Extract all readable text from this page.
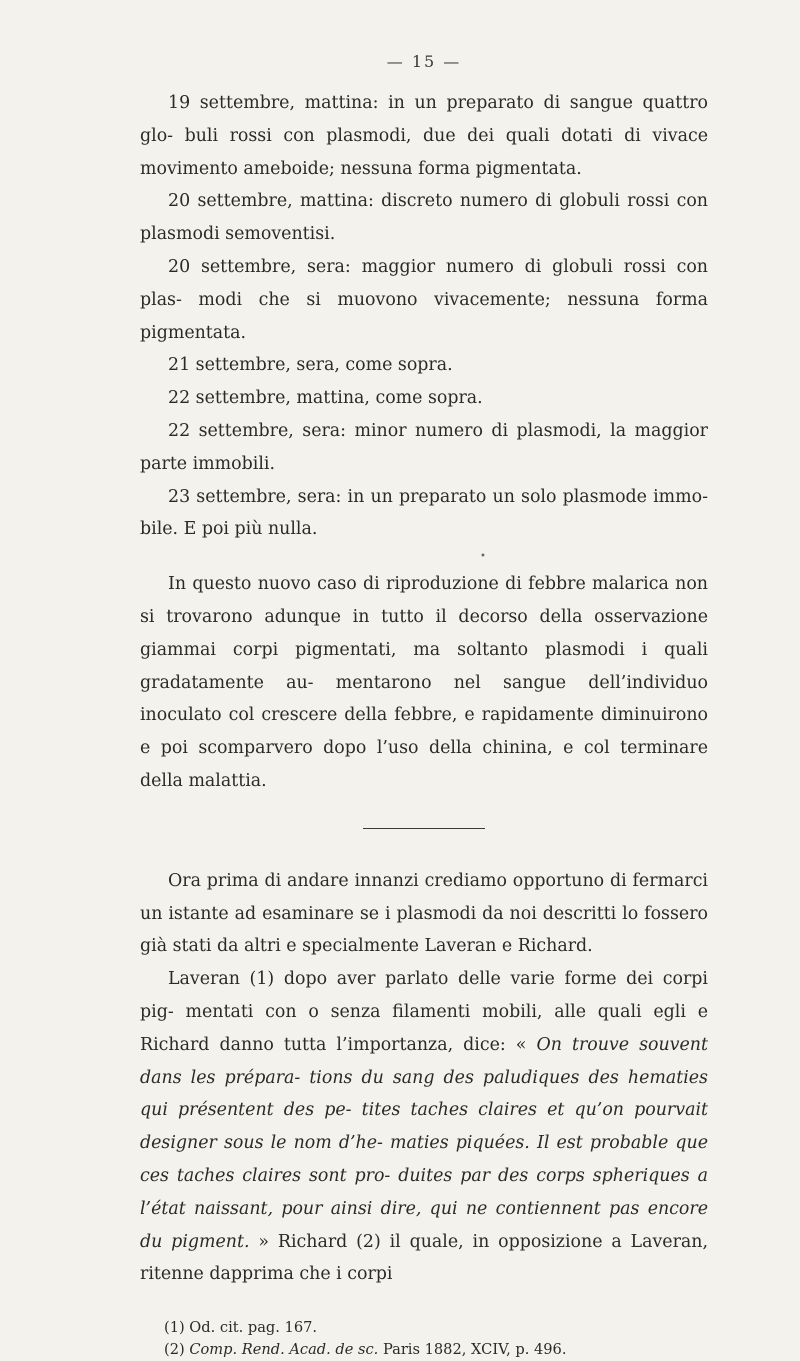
— 15 —

19 settembre, mattina: in un preparato di sangue quattro glo- buli rossi con plasmodi, due dei quali dotati di vivace movimento ameboide; nessuna forma pigmentata.

20 settembre, mattina: discreto numero di globuli rossi con plasmodi semoventisi.

20 settembre, sera: maggior numero di globuli rossi con plas- modi che si muovono vivacemente; nessuna forma pigmentata.

21 settembre, sera, come sopra.

22 settembre, mattina, come sopra.

22 settembre, sera: minor numero di plasmodi, la maggior parte immobili.

23 settembre, sera: in un preparato un solo plasmode immo- bile. E poi più nulla.

•

In questo nuovo caso di riproduzione di febbre malarica non si trovarono adunque in tutto il decorso della osservazione giammai corpi pigmentati, ma soltanto plasmodi i quali gradatamente au- mentarono nel sangue dell’individuo inoculato col crescere della febbre, e rapidamente diminuirono e poi scomparvero dopo l’uso della chinina, e col terminare della malattia.

Ora prima di andare innanzi crediamo opportuno di fermarci un istante ad esaminare se i plasmodi da noi descritti lo fossero già stati da altri e specialmente Laveran e Richard.

Laveran (1) dopo aver parlato delle varie forme dei corpi pig- mentati con o senza filamenti mobili, alle quali egli e Richard danno tutta l’importanza, dice: « On trouve souvent dans les prépara- tions du sang des paludiques des hematies qui présentent des pe- tites taches claires et qu’on pourvait designer sous le nom d’he- maties piquées. Il est probable que ces taches claires sont pro- duites par des corps spheriques a l’état naissant, pour ainsi dire, qui ne contiennent pas encore du pigment. » Richard (2) il quale, in opposizione a Laveran, ritenne dapprima che i corpi

(1) Od. cit. pag. 167.

(2) Comp. Rend. Acad. de sc. Paris 1882, XCIV, p. 496.
